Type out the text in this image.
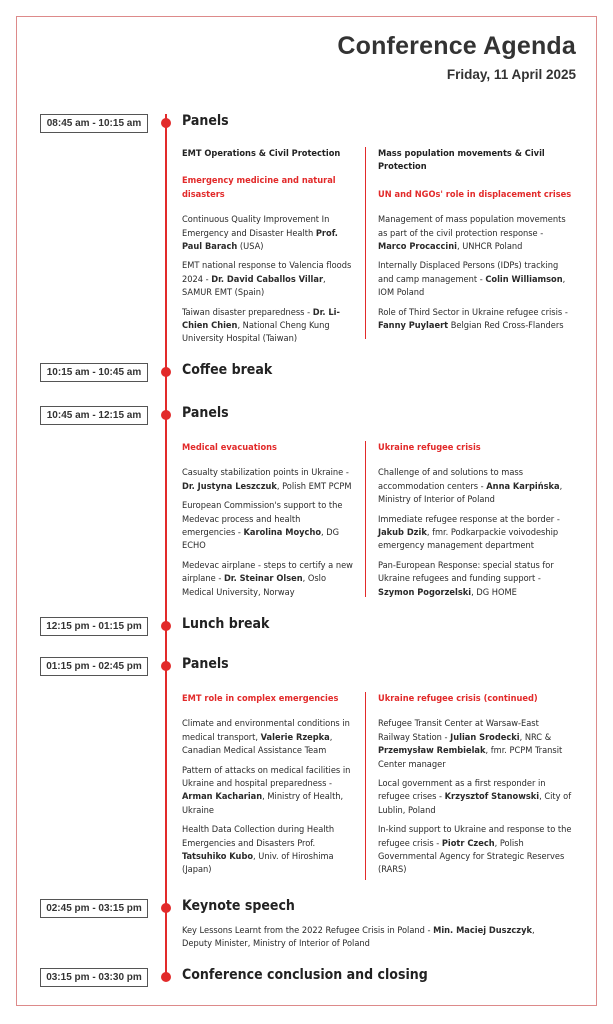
Conference Agenda
Friday, 11 April 2025
08:45 am - 10:15 am	Panels
EMT Operations & Civil Protection
Emergency medicine and natural disasters
Continuous Quality Improvement In Emergency and Disaster Health Prof. Paul Barach (USA)
EMT national response to Valencia floods 2024 - Dr. David Caballos Villar, SAMUR EMT (Spain)
Taiwan disaster preparedness - Dr. Li-Chien Chien, National Cheng Kung University Hospital (Taiwan)
Mass population movements & Civil Protection
UN and NGOs' role in displacement crises
Management of mass population movements as part of the civil protection response - Marco Procaccini, UNHCR Poland
Internally Displaced Persons (IDPs) tracking and camp management - Colin Williamson, IOM Poland
Role of Third Sector in Ukraine refugee crisis - Fanny Puylaert Belgian Red Cross-Flanders
10:15 am - 10:45 am	Coffee break
10:45 am - 12:15 am	Panels
Medical evacuations
Casualty stabilization points in Ukraine - Dr. Justyna Leszczuk, Polish EMT PCPM
European Commission's support to the Medevac process and health emergencies - Karolina Moycho, DG ECHO
Medevac airplane - steps to certify a new airplane - Dr. Steinar Olsen, Oslo Medical University, Norway
Ukraine refugee crisis
Challenge of and solutions to mass accommodation centers - Anna Karpińska, Ministry of Interior of Poland
Immediate refugee response at the border - Jakub Dzik, fmr. Podkarpackie voivodeship emergency management department
Pan-European Response: special status for Ukraine refugees and funding support - Szymon Pogorzelski, DG HOME
12:15 pm - 01:15 pm	Lunch break
01:15 pm - 02:45 pm	Panels
EMT role in complex emergencies
Climate and environmental conditions in medical transport, Valerie Rzepka, Canadian Medical Assistance Team
Pattern of attacks on medical facilities in Ukraine and hospital preparedness - Arman Kacharian, Ministry of Health, Ukraine
Health Data Collection during Health Emergencies and Disasters Prof. Tatsuhiko Kubo, Univ. of Hiroshima (Japan)
Ukraine refugee crisis (continued)
Refugee Transit Center at Warsaw-East Railway Station - Julian Srodecki, NRC & Przemysław Rembielak, fmr. PCPM Transit Center manager
Local government as a first responder in refugee crises - Krzysztof Stanowski, City of Lublin, Poland
In-kind support to Ukraine and response to the refugee crisis - Piotr Czech, Polish Governmental Agency for Strategic Reserves (RARS)
02:45 pm - 03:15 pm	Keynote speech
Key Lessons Learnt from the 2022 Refugee Crisis in Poland - Min. Maciej Duszczyk, Deputy Minister, Ministry of Interior of Poland
03:15 pm - 03:30 pm	Conference conclusion and closing
